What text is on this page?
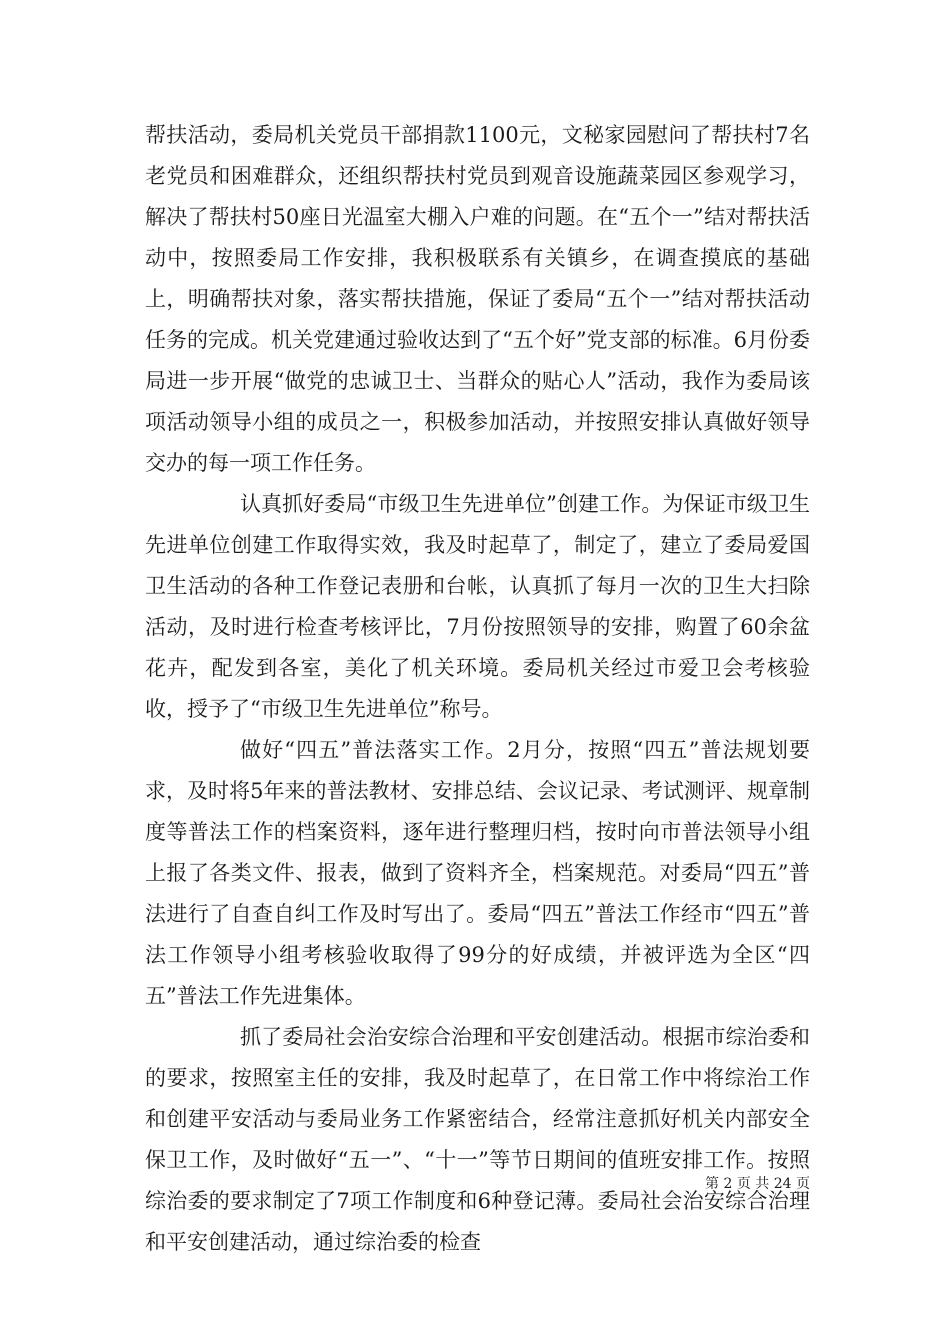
帮扶活动，委局机关党员干部捐款1100元，文秘家园慰问了帮扶村7名老党员和困难群众，还组织帮扶村党员到观音设施蔬菜园区参观学习，解决了帮扶村50座日光温室大棚入户难的问题。在“五个一”结对帮扶活动中，按照委局工作安排，我积极联系有关镇乡，在调查摸底的基础上，明确帮扶对象，落实帮扶措施，保证了委局“五个一”结对帮扶活动任务的完成。机关党建通过验收达到了“五个好”党支部的标准。6月份委局进一步开展“做党的忠诚卫士、当群众的贴心人”活动，我作为委局该项活动领导小组的成员之一，积极参加活动，并按照安排认真做好领导交办的每一项工作任务。

认真抓好委局“市级卫生先进单位”创建工作。为保证市级卫生先进单位创建工作取得实效，我及时起草了，制定了，建立了委局爱国卫生活动的各种工作登记表册和台帐，认真抓了每月一次的卫生大扫除活动，及时进行检查考核评比，7月份按照领导的安排，购置了60余盆花卉，配发到各室，美化了机关环境。委局机关经过市爱卫会考核验收，授予了“市级卫生先进单位”称号。

做好“四五”普法落实工作。2月分，按照“四五”普法规划要求，及时将5年来的普法教材、安排总结、会议记录、考试测评、规章制度等普法工作的档案资料，逐年进行整理归档，按时向市普法领导小组上报了各类文件、报表，做到了资料齐全，档案规范。对委局“四五”普法进行了自查自纠工作及时写出了。委局“四五”普法工作经市“四五”普法工作领导小组考核验收取得了99分的好成绩，并被评选为全区“四五”普法工作先进集体。

抓了委局社会治安综合治理和平安创建活动。根据市综治委和的要求，按照室主任的安排，我及时起草了，在日常工作中将综治工作和创建平安活动与委局业务工作紧密结合，经常注意抓好机关内部安全保卫工作，及时做好“五一”、“十一”等节日期间的值班安排工作。按照综治委的要求制定了7项工作制度和6种登记薄。委局社会治安综合治理和平安创建活动，通过综治委的检查

第 2 页 共 24 页
